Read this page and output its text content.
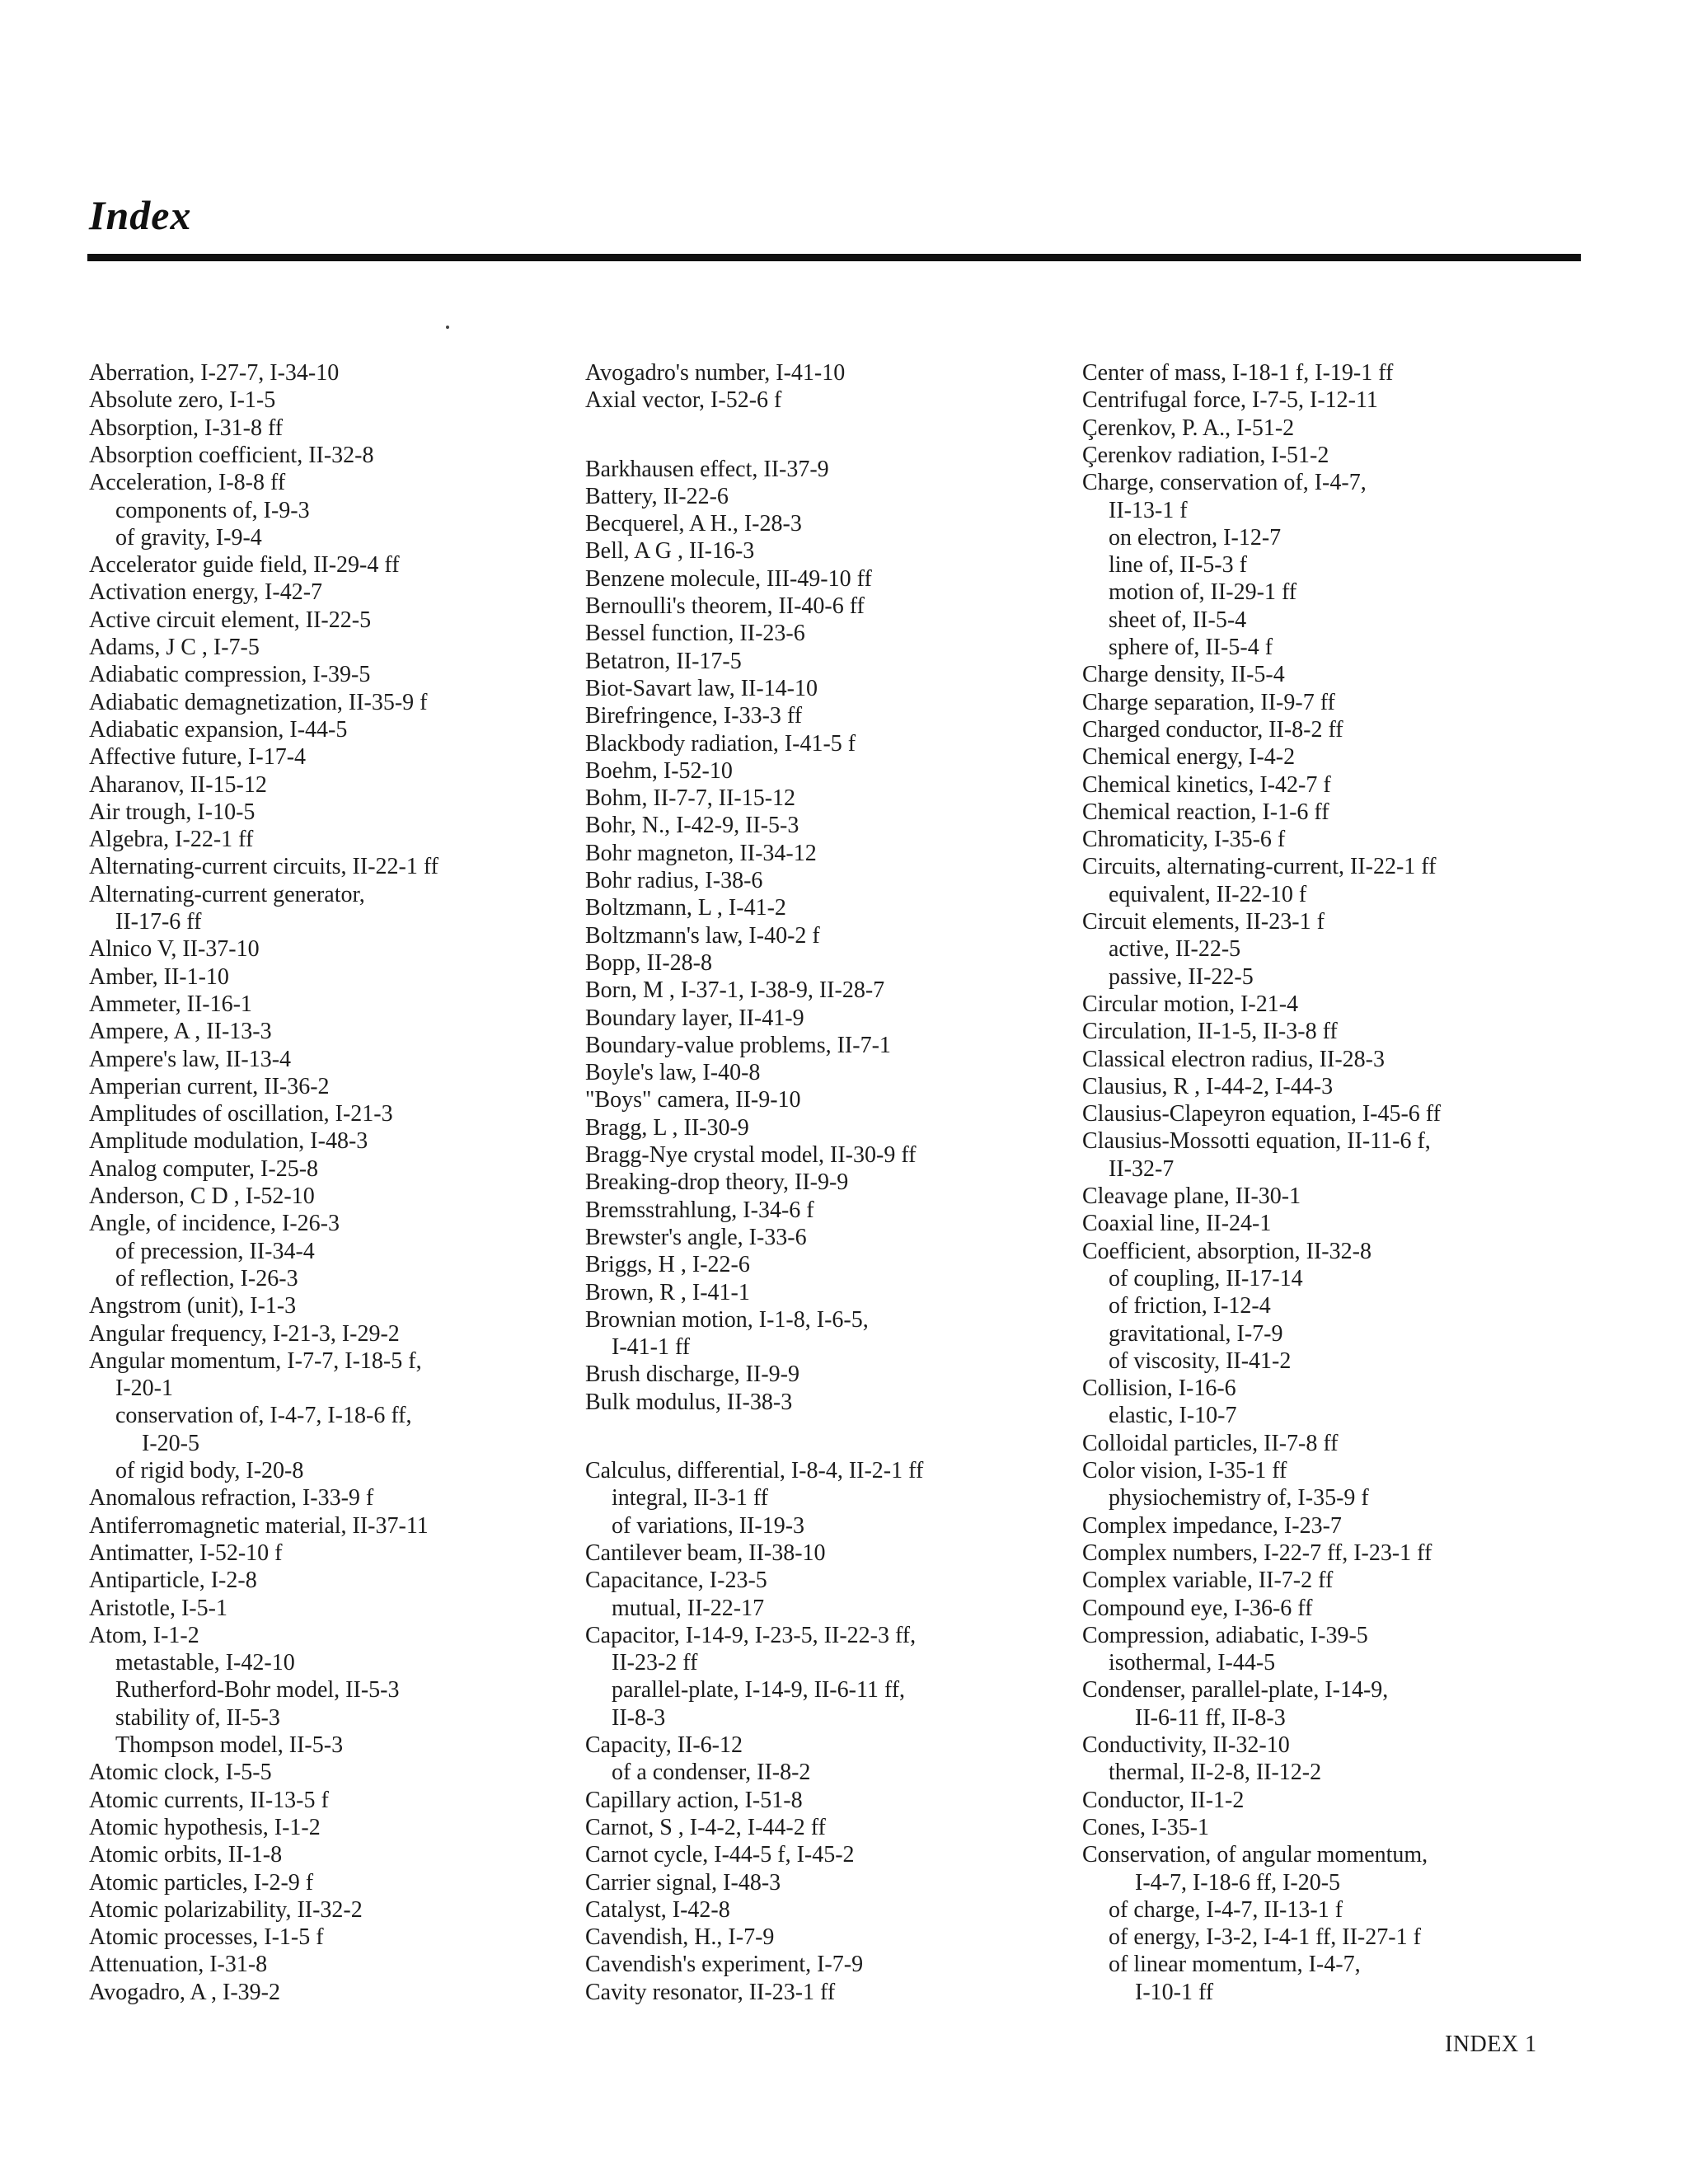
Index
Aberration, I-27-7, I-34-10
Absolute zero, I-1-5
Absorption, I-31-8 ff
Absorption coefficient, II-32-8
Acceleration, I-8-8 ff
components of, I-9-3
of gravity, I-9-4
Accelerator guide field, II-29-4 ff
Activation energy, I-42-7
Active circuit element, II-22-5
Adams, J C , I-7-5
Adiabatic compression, I-39-5
Adiabatic demagnetization, II-35-9 f
Adiabatic expansion, I-44-5
Affective future, I-17-4
Aharanov, II-15-12
Air trough, I-10-5
Algebra, I-22-1 ff
Alternating-current circuits, II-22-1 ff
Alternating-current generator,
II-17-6 ff
Alnico V, II-37-10
Amber, II-1-10
Ammeter, II-16-1
Ampere, A , II-13-3
Ampere's law, II-13-4
Amperian current, II-36-2
Amplitudes of oscillation, I-21-3
Amplitude modulation, I-48-3
Analog computer, I-25-8
Anderson, C D , I-52-10
Angle, of incidence, I-26-3
of precession, II-34-4
of reflection, I-26-3
Angstrom (unit), I-1-3
Angular frequency, I-21-3, I-29-2
Angular momentum, I-7-7, I-18-5 f,
I-20-1
conservation of, I-4-7, I-18-6 ff,
I-20-5
of rigid body, I-20-8
Anomalous refraction, I-33-9 f
Antiferromagnetic material, II-37-11
Antimatter, I-52-10 f
Antiparticle, I-2-8
Aristotle, I-5-1
Atom, I-1-2
metastable, I-42-10
Rutherford-Bohr model, II-5-3
stability of, II-5-3
Thompson model, II-5-3
Atomic clock, I-5-5
Atomic currents, II-13-5 f
Atomic hypothesis, I-1-2
Atomic orbits, II-1-8
Atomic particles, I-2-9 f
Atomic polarizability, II-32-2
Atomic processes, I-1-5 f
Attenuation, I-31-8
Avogadro, A , I-39-2
Avogadro's number, I-41-10
Axial vector, I-52-6 f
Barkhausen effect, II-37-9
Battery, II-22-6
Becquerel, A H., I-28-3
Bell, A G , II-16-3
Benzene molecule, III-49-10 ff
Bernoulli's theorem, II-40-6 ff
Bessel function, II-23-6
Betatron, II-17-5
Biot-Savart law, II-14-10
Birefringence, I-33-3 ff
Blackbody radiation, I-41-5 f
Boehm, I-52-10
Bohm, II-7-7, II-15-12
Bohr, N., I-42-9, II-5-3
Bohr magneton, II-34-12
Bohr radius, I-38-6
Boltzmann, L , I-41-2
Boltzmann's law, I-40-2 f
Bopp, II-28-8
Born, M , I-37-1, I-38-9, II-28-7
Boundary layer, II-41-9
Boundary-value problems, II-7-1
Boyle's law, I-40-8
"Boys" camera, II-9-10
Bragg, L , II-30-9
Bragg-Nye crystal model, II-30-9 ff
Breaking-drop theory, II-9-9
Bremsstrahlung, I-34-6 f
Brewster's angle, I-33-6
Briggs, H , I-22-6
Brown, R , I-41-1
Brownian motion, I-1-8, I-6-5,
I-41-1 ff
Brush discharge, II-9-9
Bulk modulus, II-38-3
Calculus, differential, I-8-4, II-2-1 ff
integral, II-3-1 ff
of variations, II-19-3
Cantilever beam, II-38-10
Capacitance, I-23-5
mutual, II-22-17
Capacitor, I-14-9, I-23-5, II-22-3 ff,
II-23-2 ff
parallel-plate, I-14-9, II-6-11 ff,
II-8-3
Capacity, II-6-12
of a condenser, II-8-2
Capillary action, I-51-8
Carnot, S , I-4-2, I-44-2 ff
Carnot cycle, I-44-5 f, I-45-2
Carrier signal, I-48-3
Catalyst, I-42-8
Cavendish, H., I-7-9
Cavendish's experiment, I-7-9
Cavity resonator, II-23-1 ff
Center of mass, I-18-1 f, I-19-1 ff
Centrifugal force, I-7-5, I-12-11
Çerenkov, P. A., I-51-2
Çerenkov radiation, I-51-2
Charge, conservation of, I-4-7,
II-13-1 f
on electron, I-12-7
line of, II-5-3 f
motion of, II-29-1 ff
sheet of, II-5-4
sphere of, II-5-4 f
Charge density, II-5-4
Charge separation, II-9-7 ff
Charged conductor, II-8-2 ff
Chemical energy, I-4-2
Chemical kinetics, I-42-7 f
Chemical reaction, I-1-6 ff
Chromaticity, I-35-6 f
Circuits, alternating-current, II-22-1 ff
equivalent, II-22-10 f
Circuit elements, II-23-1 f
active, II-22-5
passive, II-22-5
Circular motion, I-21-4
Circulation, II-1-5, II-3-8 ff
Classical electron radius, II-28-3
Clausius, R , I-44-2, I-44-3
Clausius-Clapeyron equation, I-45-6 ff
Clausius-Mossotti equation, II-11-6 f,
II-32-7
Cleavage plane, II-30-1
Coaxial line, II-24-1
Coefficient, absorption, II-32-8
of coupling, II-17-14
of friction, I-12-4
gravitational, I-7-9
of viscosity, II-41-2
Collision, I-16-6
elastic, I-10-7
Colloidal particles, II-7-8 ff
Color vision, I-35-1 ff
physiochemistry of, I-35-9 f
Complex impedance, I-23-7
Complex numbers, I-22-7 ff, I-23-1 ff
Complex variable, II-7-2 ff
Compound eye, I-36-6 ff
Compression, adiabatic, I-39-5
isothermal, I-44-5
Condenser, parallel-plate, I-14-9,
II-6-11 ff, II-8-3
Conductivity, II-32-10
thermal, II-2-8, II-12-2
Conductor, II-1-2
Cones, I-35-1
Conservation, of angular momentum,
I-4-7, I-18-6 ff, I-20-5
of charge, I-4-7, II-13-1 f
of energy, I-3-2, I-4-1 ff, II-27-1 f
of linear momentum, I-4-7,
I-10-1 ff
INDEX 1
